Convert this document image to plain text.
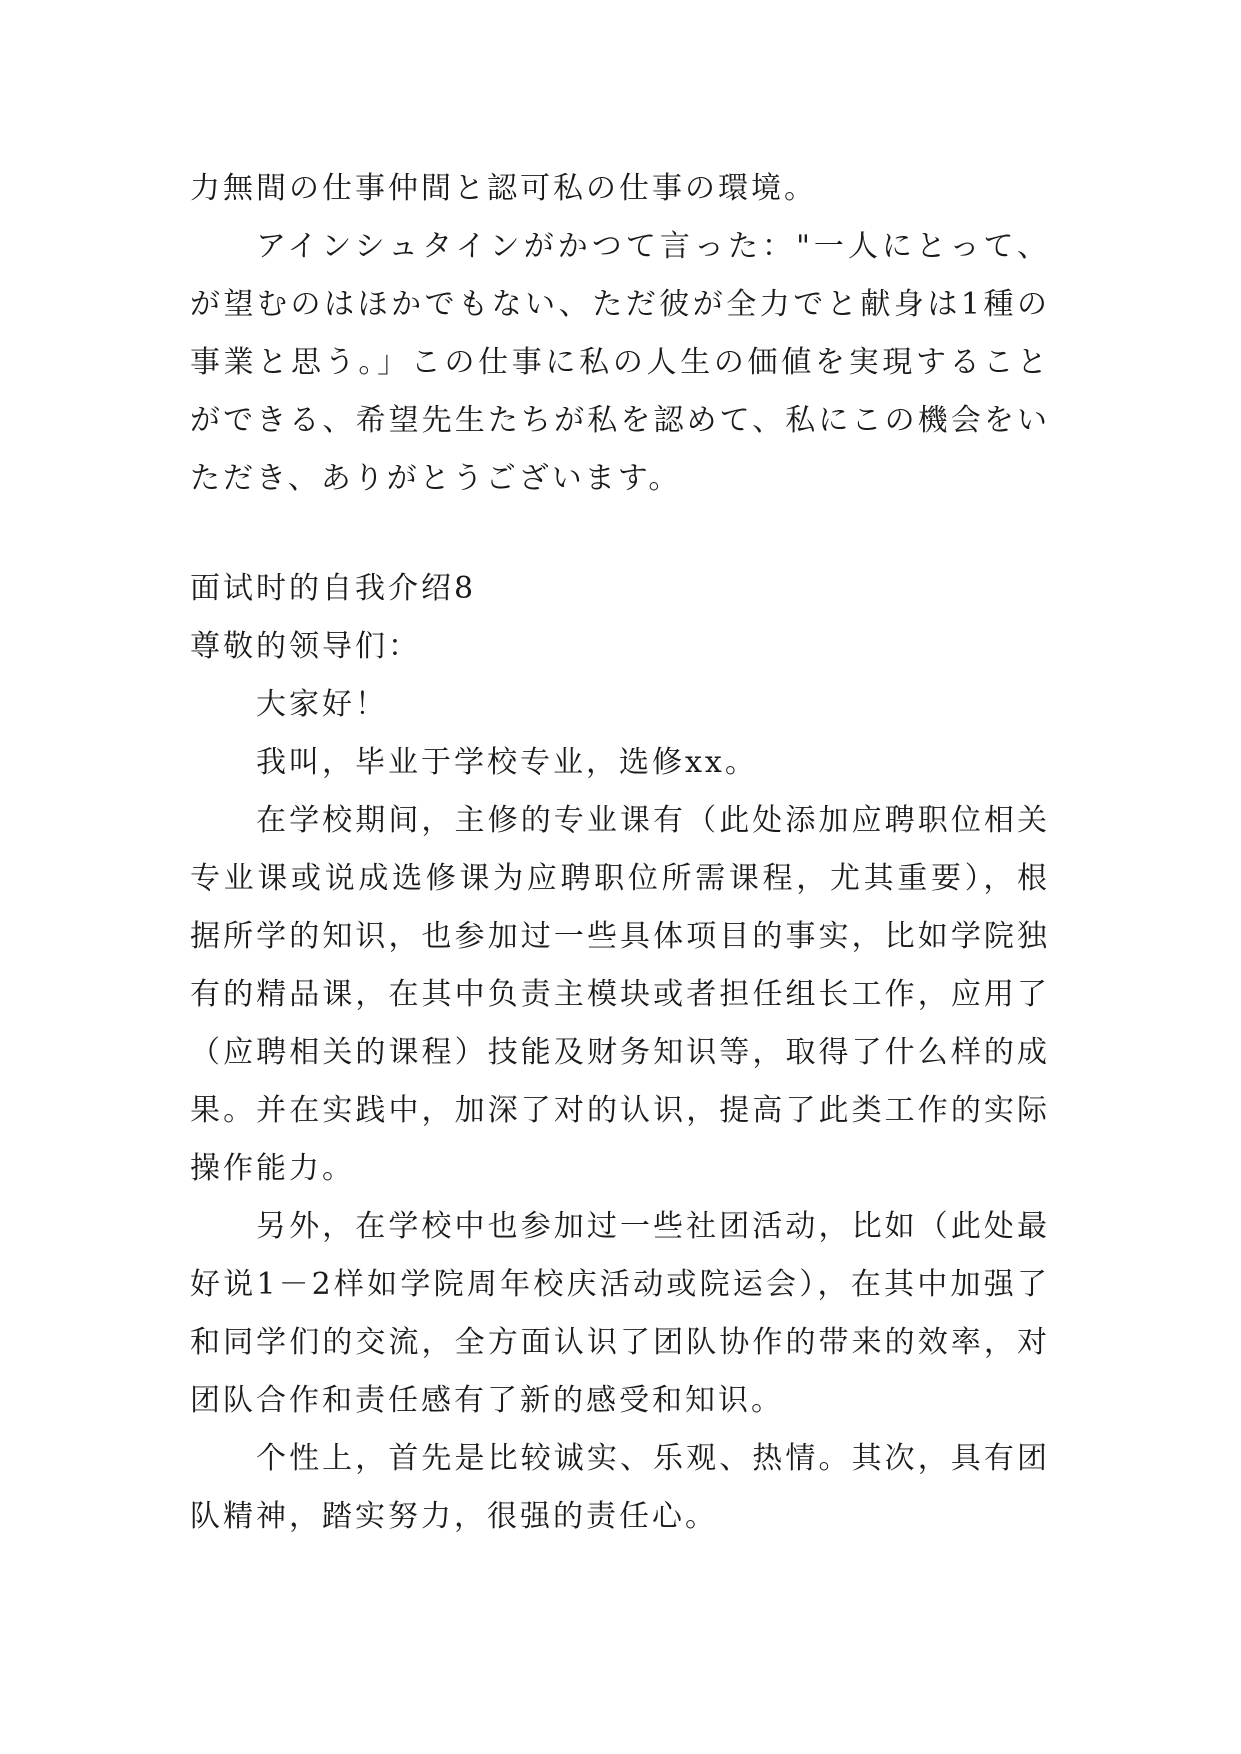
力無間の仕事仲間と認可私の仕事の環境。

アインシュタインがかつて言った："一人にとって、が望むのはほかでもない、ただ彼が全力でと献身は1種の事業と思う。」この仕事に私の人生の価値を実現することができる、希望先生たちが私を認めて、私にこの機会をいただき、ありがとうございます。

面试时的自我介绍8

尊敬的领导们：

大家好！

我叫，毕业于学校专业，选修xx。

在学校期间，主修的专业课有（此处添加应聘职位相关专业课或说成选修课为应聘职位所需课程，尤其重要），根据所学的知识，也参加过一些具体项目的事实，比如学院独有的精品课，在其中负责主模块或者担任组长工作，应用了（应聘相关的课程）技能及财务知识等，取得了什么样的成果。并在实践中，加深了对的认识，提高了此类工作的实际操作能力。

另外，在学校中也参加过一些社团活动，比如（此处最好说1－2样如学院周年校庆活动或院运会），在其中加强了和同学们的交流，全方面认识了团队协作的带来的效率，对团队合作和责任感有了新的感受和知识。

个性上，首先是比较诚实、乐观、热情。其次，具有团队精神，踏实努力，很强的责任心。
